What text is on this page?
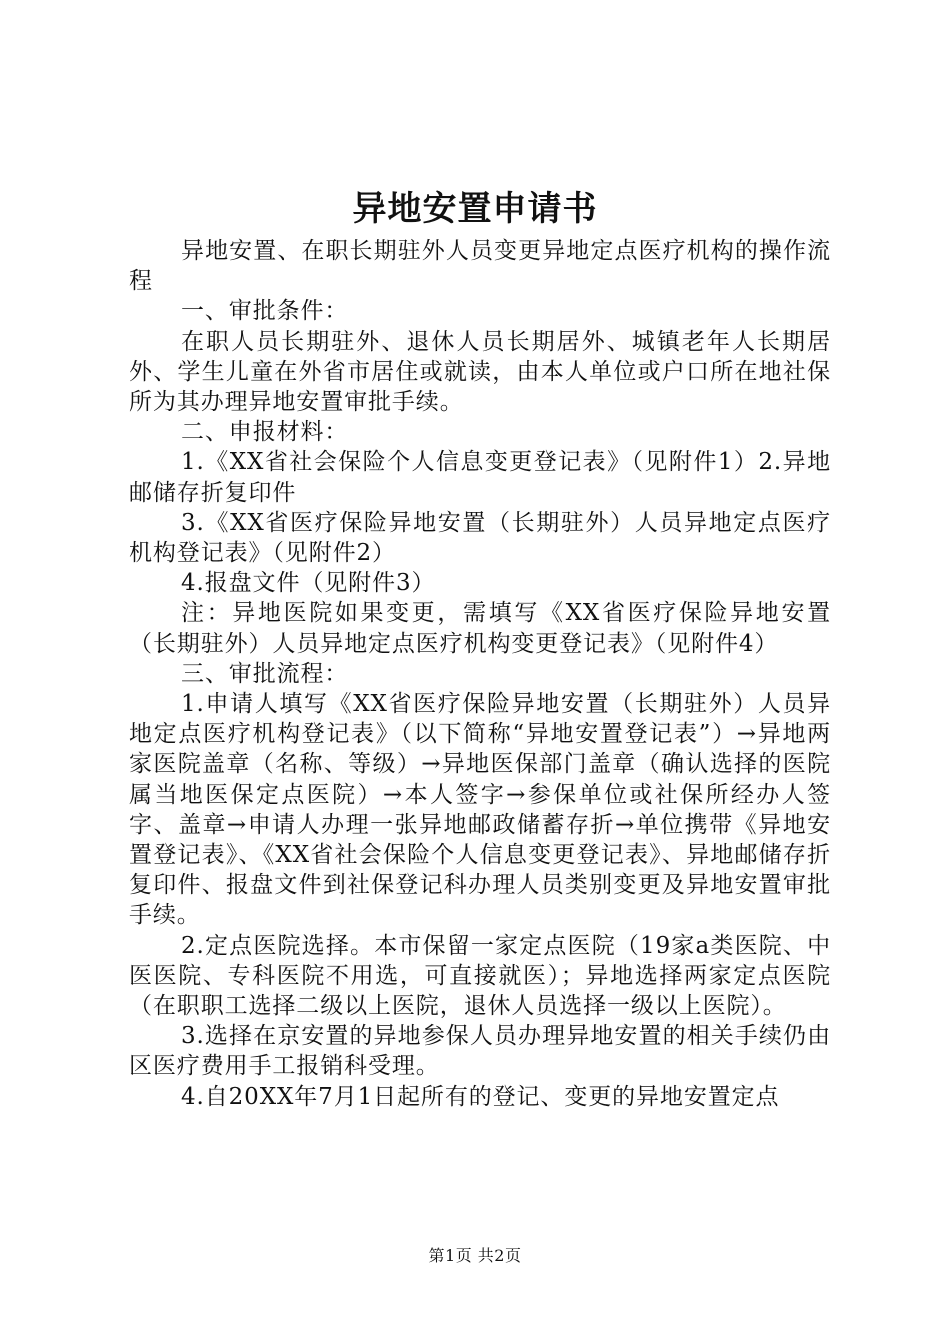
异地安置申请书

异地安置、在职长期驻外人员变更异地定点医疗机构的操作流程

一、审批条件：

在职人员长期驻外、退休人员长期居外、城镇老年人长期居外、学生儿童在外省市居住或就读，由本人单位或户口所在地社保所为其办理异地安置审批手续。

二、申报材料：

1.《XX省社会保险个人信息变更登记表》（见附件1）2.异地邮储存折复印件

3.《XX省医疗保险异地安置（长期驻外）人员异地定点医疗机构登记表》（见附件2）

4.报盘文件（见附件3）

注：异地医院如果变更，需填写《XX省医疗保险异地安置（长期驻外）人员异地定点医疗机构变更登记表》（见附件4）

三、审批流程：

1.申请人填写《XX省医疗保险异地安置（长期驻外）人员异地定点医疗机构登记表》（以下简称“异地安置登记表”）→异地两家医院盖章（名称、等级）→异地医保部门盖章（确认选择的医院属当地医保定点医院）→本人签字→参保单位或社保所经办人签字、盖章→申请人办理一张异地邮政储蓄存折→单位携带《异地安置登记表》、《XX省社会保险个人信息变更登记表》、异地邮储存折复印件、报盘文件到社保登记科办理人员类别变更及异地安置审批手续。

2.定点医院选择。本市保留一家定点医院（19家a类医院、中医医院、专科医院不用选，可直接就医）；异地选择两家定点医院（在职职工选择二级以上医院，退休人员选择一级以上医院）。

3.选择在京安置的异地参保人员办理异地安置的相关手续仍由区医疗费用手工报销科受理。

4.自20XX年7月1日起所有的登记、变更的异地安置定点

第1页 共2页
